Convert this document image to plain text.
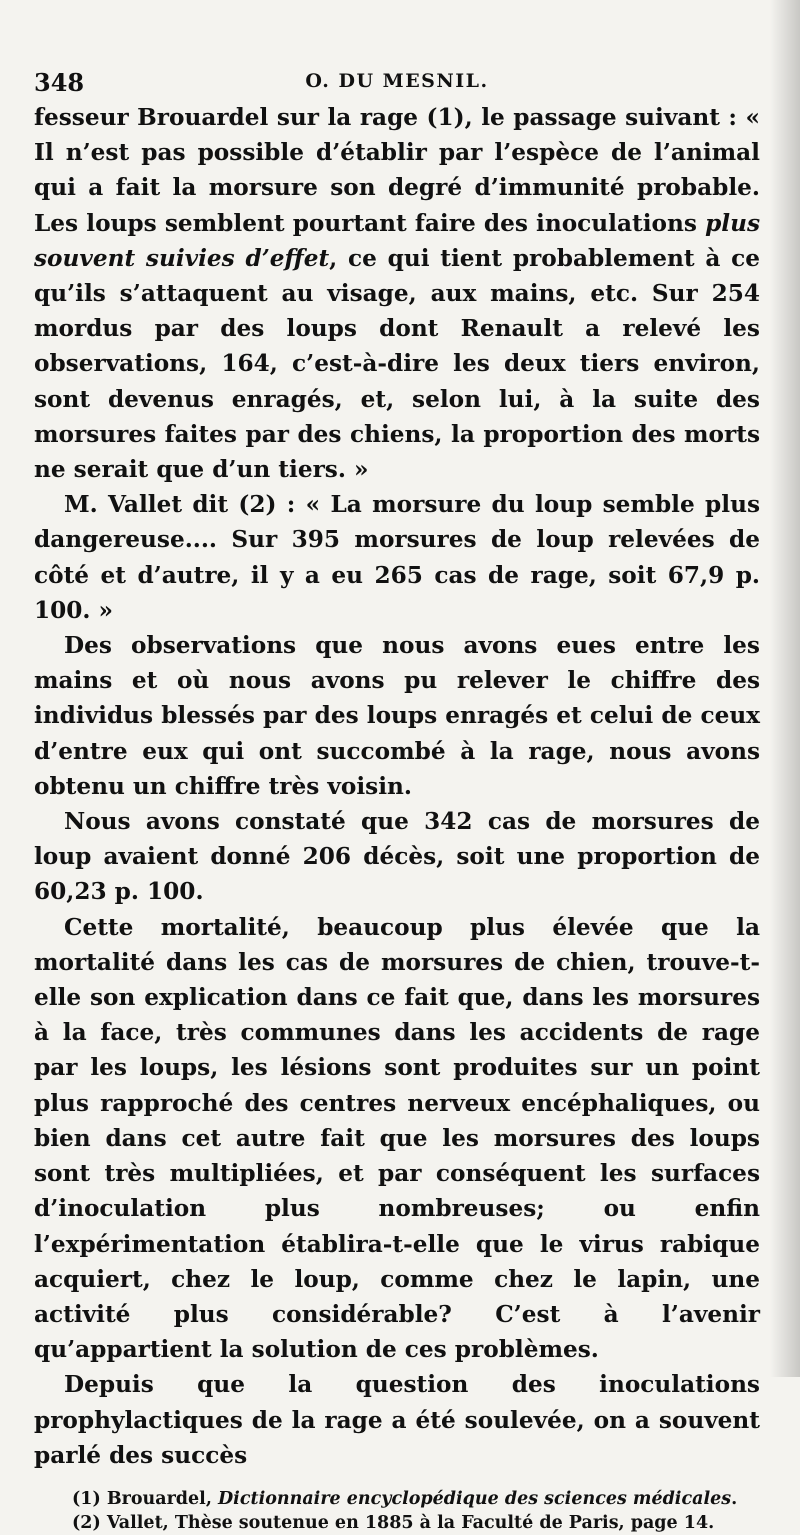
348	O. DU MESNIL.

fesseur Brouardel sur la rage (1), le passage suivant : « Il n’est pas possible d’établir par l’espèce de l’animal qui a fait la morsure son degré d’immunité probable. Les loups semblent pourtant faire des inoculations plus souvent suivies d’effet, ce qui tient probablement à ce qu’ils s’attaquent au visage, aux mains, etc. Sur 254 mordus par des loups dont Renault a relevé les observations, 164, c’est-à-dire les deux tiers environ, sont devenus enragés, et, selon lui, à la suite des morsures faites par des chiens, la proportion des morts ne serait que d’un tiers. »

M. Vallet dit (2) : « La morsure du loup semble plus dangereuse.... Sur 395 morsures de loup relevées de côté et d’autre, il y a eu 265 cas de rage, soit 67,9 p. 100. »

Des observations que nous avons eues entre les mains et où nous avons pu relever le chiffre des individus blessés par des loups enragés et celui de ceux d’entre eux qui ont succombé à la rage, nous avons obtenu un chiffre très voisin.

Nous avons constaté que 342 cas de morsures de loup avaient donné 206 décès, soit une proportion de 60,23 p. 100.

Cette mortalité, beaucoup plus élevée que la mortalité dans les cas de morsures de chien, trouve-t-elle son explication dans ce fait que, dans les morsures à la face, très communes dans les accidents de rage par les loups, les lésions sont produites sur un point plus rapproché des centres nerveux encéphaliques, ou bien dans cet autre fait que les morsures des loups sont très multipliées, et par conséquent les surfaces d’inoculation plus nombreuses; ou enfin l’expérimentation établira-t-elle que le virus rabique acquiert, chez le loup, comme chez le lapin, une activité plus considérable? C’est à l’avenir qu’appartient la solution de ces problèmes.

Depuis que la question des inoculations prophylactiques de la rage a été soulevée, on a souvent parlé des succès

(1) Brouardel, Dictionnaire encyclopédique des sciences médicales.

(2) Vallet, Thèse soutenue en 1885 à la Faculté de Paris, page 14.
